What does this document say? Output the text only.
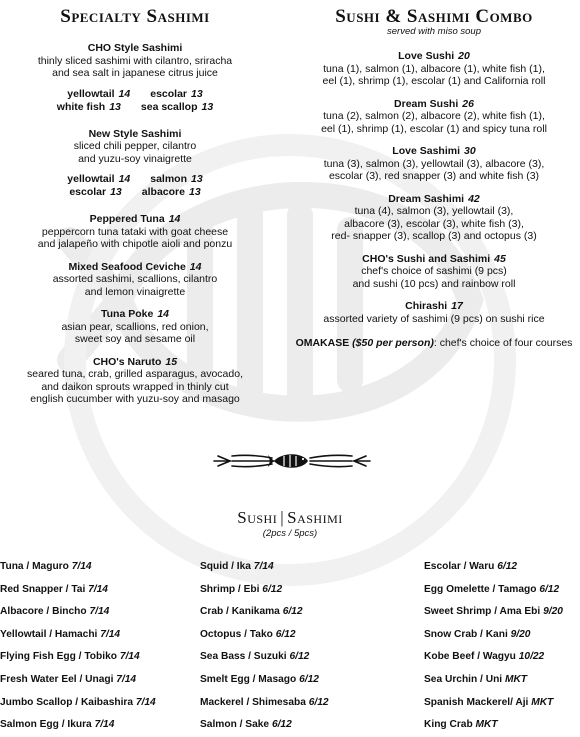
Specialty Sashimi
CHO Style Sashimi
thinly sliced sashimi with cilantro, sriracha
and sea salt in japanese citrus juice
yellowtail 14 escolar 13
white fish 13 sea scallop 13
New Style Sashimi
sliced chili pepper, cilantro
and yuzu-soy vinaigrette
yellowtail 14 salmon 13
escolar 13 albacore 13
Peppered Tuna 14
peppercorn tuna tataki with goat cheese
and jalapeño with chipotle aioli and ponzu
Mixed Seafood Ceviche 14
assorted sashimi, scallions, cilantro
and lemon vinaigrette
Tuna Poke 14
asian pear, scallions, red onion,
sweet soy and sesame oil
CHO's Naruto 15
seared tuna, crab, grilled asparagus, avocado,
and daikon sprouts wrapped in thinly cut
english cucumber with yuzu-soy and masago
Sushi & Sashimi Combo
served with miso soup
Love Sushi 20
tuna (1), salmon (1), albacore (1), white fish (1),
eel (1), shrimp (1), escolar (1) and California roll
Dream Sushi 26
tuna (2), salmon (2), albacore (2), white fish (1),
eel (1), shrimp (1), escolar (1) and spicy tuna roll
Love Sashimi 30
tuna (3), salmon (3), yellowtail (3), albacore (3),
escolar (3), red snapper (3) and white fish (3)
Dream Sashimi 42
tuna (4), salmon (3), yellowtail (3),
albacore (3), escolar (3), white fish (3),
red- snapper (3), scallop (3) and octopus (3)
CHO's Sushi and Sashimi 45
chef's choice of sashimi (9 pcs)
and sushi (10 pcs) and rainbow roll
Chirashi 17
assorted variety of sashimi (9 pcs) on sushi rice
OMAKASE ($50 per person): chef's choice of four courses
Sushi | Sashimi
(2pcs / 5pcs)
Tuna / Maguro 7/14
Red Snapper / Tai 7/14
Albacore / Bincho 7/14
Yellowtail / Hamachi 7/14
Flying Fish Egg / Tobiko 7/14
Fresh Water Eel / Unagi 7/14
Jumbo Scallop / Kaibashira 7/14
Salmon Egg / Ikura 7/14
Squid / Ika 7/14
Shrimp / Ebi 6/12
Crab / Kanikama 6/12
Octopus / Tako 6/12
Sea Bass / Suzuki 6/12
Smelt Egg / Masago 6/12
Mackerel / Shimesaba 6/12
Salmon / Sake 6/12
Escolar / Waru 6/12
Egg Omelette / Tamago 6/12
Sweet Shrimp / Ama Ebi 9/20
Snow Crab / Kani 9/20
Kobe Beef / Wagyu 10/22
Sea Urchin / Uni MKT
Spanish Mackerel/ Aji MKT
King Crab MKT
